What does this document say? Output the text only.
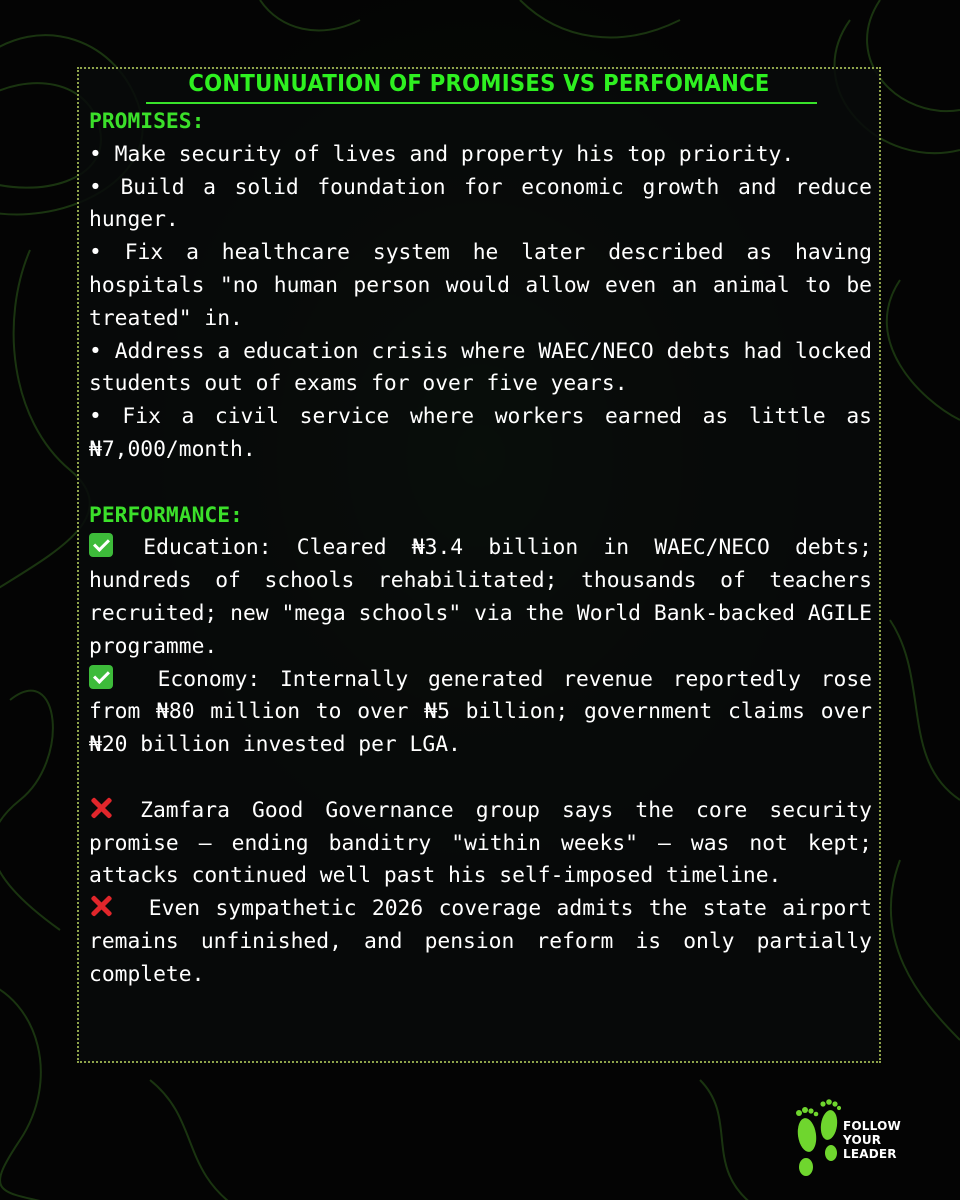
CONTUNUATION OF PROMISES VS PERFOMANCE

PROMISES:

• Make security of lives and property his top priority.

• Build a solid foundation for economic growth and reduce hunger.

• Fix a healthcare system he later described as having hospitals "no human person would allow even an animal to be treated" in.

• Address a education crisis where WAEC/NECO debts had locked students out of exams for over five years.

• Fix a civil service where workers earned as little as ₦7,000/month.

PERFORMANCE:

Education: Cleared ₦3.4 billion in WAEC/NECO debts; hundreds of schools rehabilitated; thousands of teachers recruited; new "mega schools" via the World Bank-backed AGILE programme.

Economy: Internally generated revenue reportedly rose from ₦80 million to over ₦5 billion; government claims over ₦20 billion invested per LGA.

Zamfara Good Governance group says the core security promise — ending banditry "within weeks" — was not kept; attacks continued well past his self-imposed timeline.

Even sympathetic 2026 coverage admits the state airport remains unfinished, and pension reform is only partially complete.

FOLLOW
YOUR
LEADER
